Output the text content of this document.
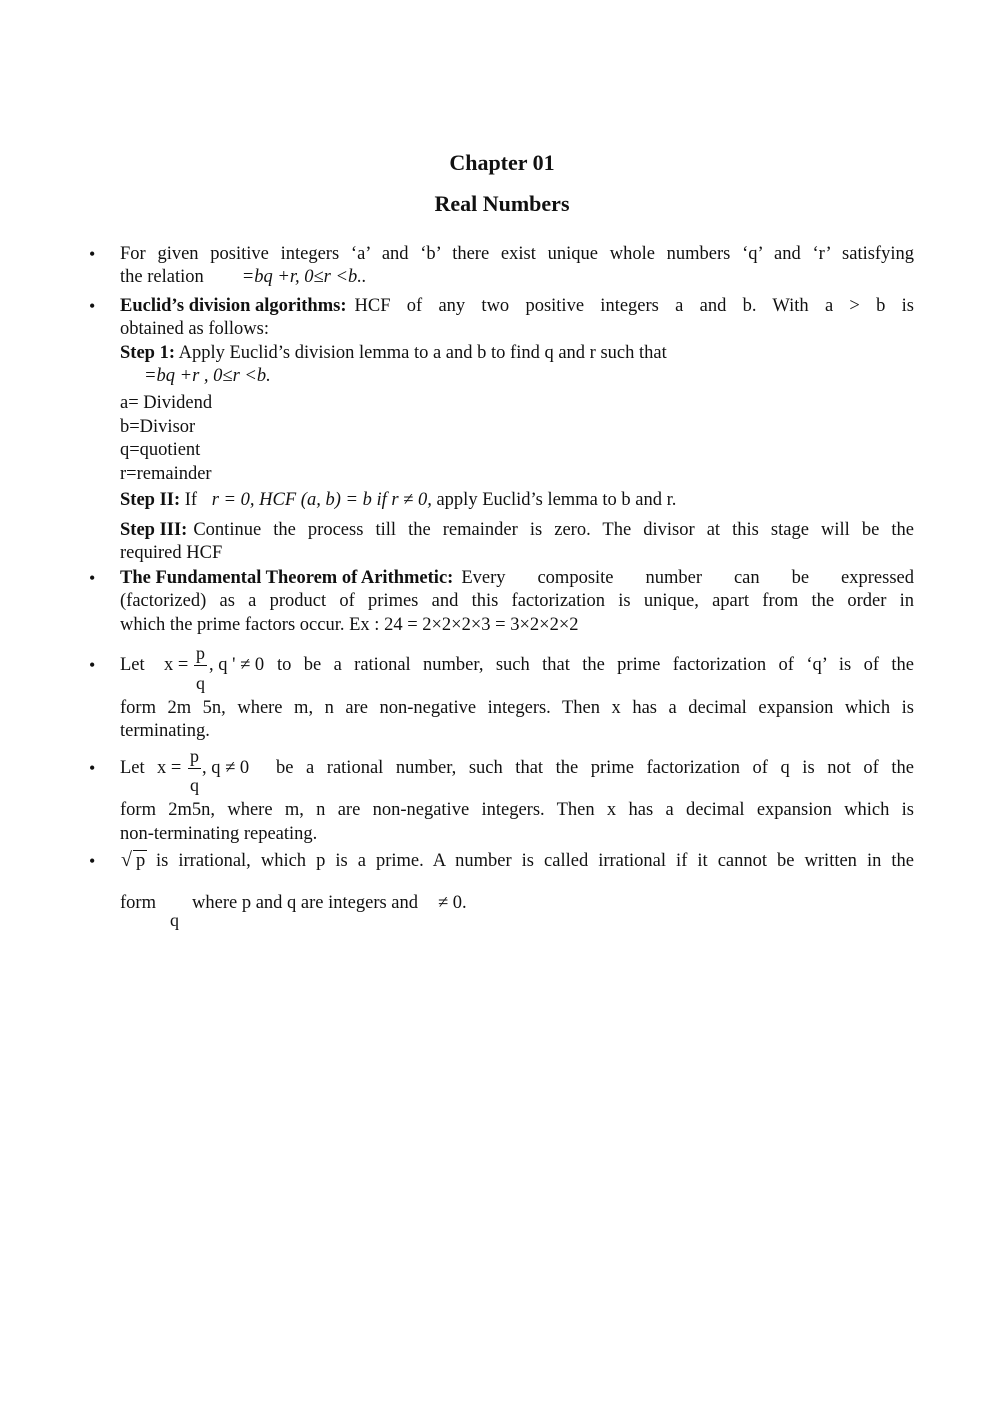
Chapter 01
Real Numbers
•	For given positive integers ‘a’ and ‘b’ there exist unique whole numbers ‘q’ and ‘r’ satisfying
the relation =bq +r, 0≤r <b..
•	Euclid’s division algorithms: HCF of any two positive integers a and b. With a > b is
obtained as follows:
Step 1: Apply Euclid’s division lemma to a and b to find q and r such that
=bq +r , 0≤r <b.
a= Dividend
b=Divisor
q=quotient
r=remainder
Step II: If r = 0, HCF (a, b) = b if r ≠ 0, apply Euclid’s lemma to b and r.
Step III: Continue the process till the remainder is zero. The divisor at this stage will be the
required HCF
•	The Fundamental Theorem of Arithmetic: Every composite number can be expressed
(factorized) as a product of primes and this factorization is unique, apart from the order in
which the prime factors occur. Ex : 24 = 2×2×2×3 = 3×2×2×2
•	Let x =
p
q
, q ' ≠ 0 to be a rational number, such that the prime factorization of ‘q’ is of the
form 2m 5n, where m, n are non-negative integers. Then x has a decimal expansion which is
terminating.
•	Let x =
p
q
, q ≠ 0 be a rational number, such that the prime factorization of q is not of the
form 2m5n, where m, n are non-negative integers. Then x has a decimal expansion which is
non-terminating repeating.
• √ p is irrational, which p is a prime. A number is called irrational if it cannot be written in the
form
q
where p and q are integers and ≠ 0.
